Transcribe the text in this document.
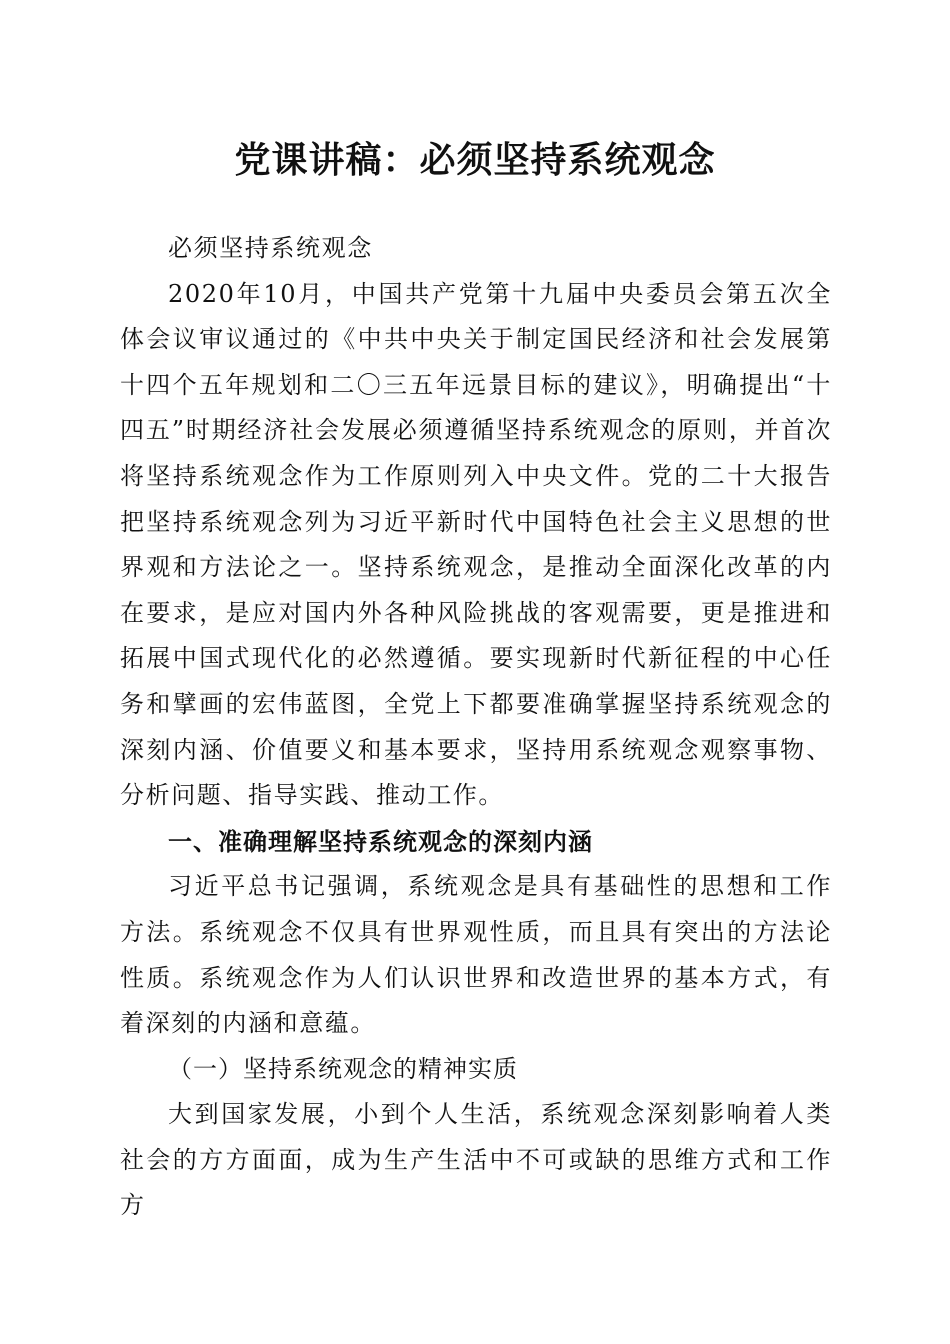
党课讲稿：必须坚持系统观念

必须坚持系统观念

2020年10月，中国共产党第十九届中央委员会第五次全体会议审议通过的《中共中央关于制定国民经济和社会发展第十四个五年规划和二〇三五年远景目标的建议》，明确提出“十四五”时期经济社会发展必须遵循坚持系统观念的原则，并首次将坚持系统观念作为工作原则列入中央文件。党的二十大报告把坚持系统观念列为习近平新时代中国特色社会主义思想的世界观和方法论之一。坚持系统观念，是推动全面深化改革的内在要求，是应对国内外各种风险挑战的客观需要，更是推进和拓展中国式现代化的必然遵循。要实现新时代新征程的中心任务和擘画的宏伟蓝图，全党上下都要准确掌握坚持系统观念的深刻内涵、价值要义和基本要求，坚持用系统观念观察事物、分析问题、指导实践、推动工作。

一、准确理解坚持系统观念的深刻内涵

习近平总书记强调，系统观念是具有基础性的思想和工作方法。系统观念不仅具有世界观性质，而且具有突出的方法论性质。系统观念作为人们认识世界和改造世界的基本方式，有着深刻的内涵和意蕴。

（一）坚持系统观念的精神实质

大到国家发展，小到个人生活，系统观念深刻影响着人类社会的方方面面，成为生产生活中不可或缺的思维方式和工作方
